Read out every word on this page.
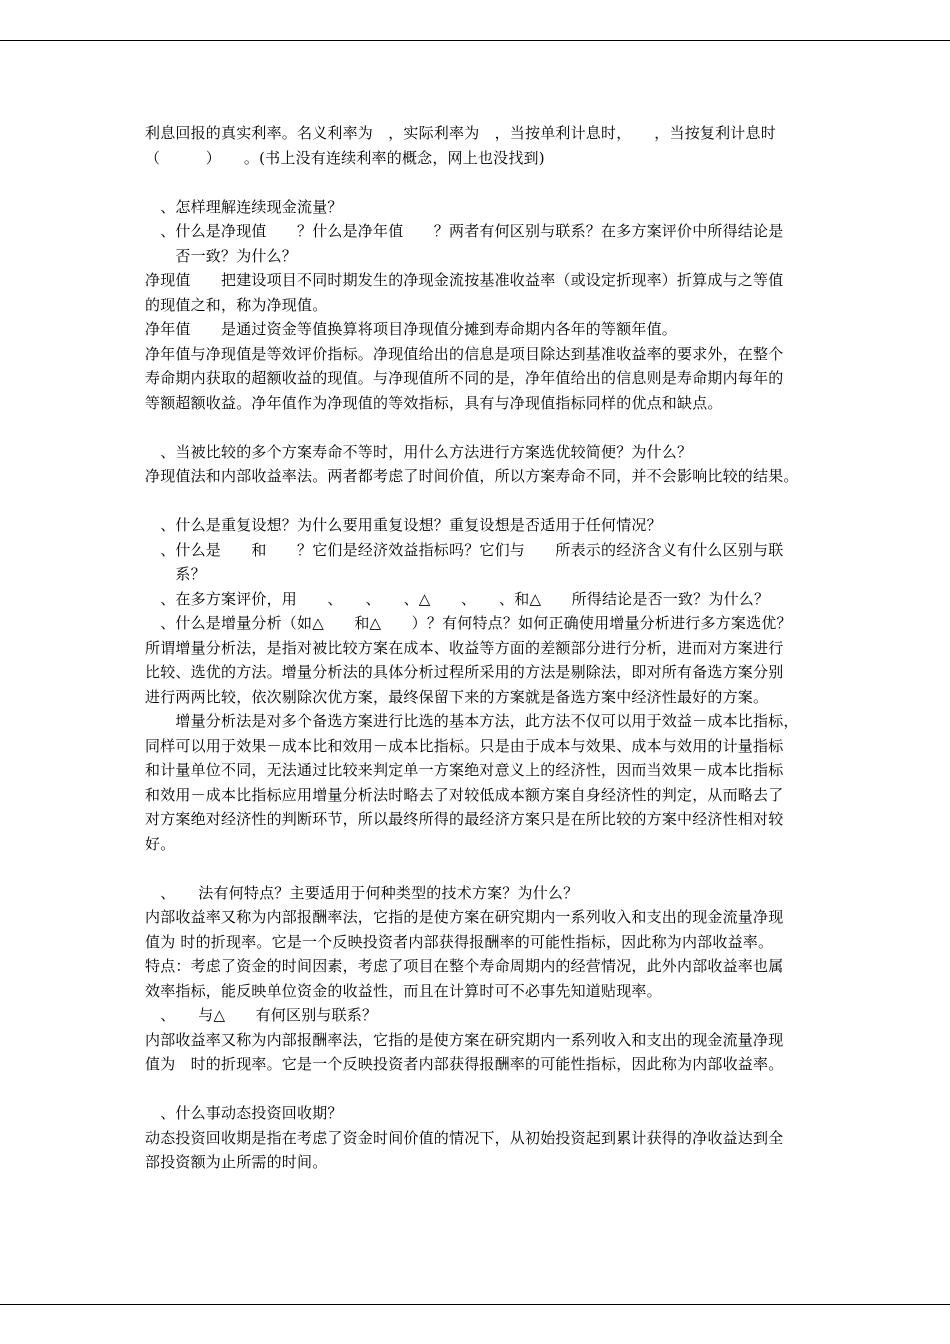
利息回报的真实利率。名义利率为　，实际利率为　，当按单利计息时，　　，当按复利计息时
（　　　）　　。(书上没有连续利率的概念，网上也没找到)
　、怎样理解连续现金流量？
　、什么是净现值　　？什么是净年值　　？两者有何区别与联系？在多方案评价中所得结论是
　　否一致？为什么？
净现值　　把建设项目不同时期发生的净现金流按基准收益率（或设定折现率）折算成与之等值
的现值之和，称为净现值。
净年值　　是通过资金等值换算将项目净现值分摊到寿命期内各年的等额年值。
净年值与净现值是等效评价指标。净现值给出的信息是项目除达到基准收益率的要求外，在整个
寿命期内获取的超额收益的现值。与净现值所不同的是，净年值给出的信息则是寿命期内每年的
等额超额收益。净年值作为净现值的等效指标，具有与净现值指标同样的优点和缺点。
　、当被比较的多个方案寿命不等时，用什么方法进行方案选优较简便？为什么？
净现值法和内部收益率法。两者都考虑了时间价值，所以方案寿命不同，并不会影响比较的结果。
　、什么是重复设想？为什么要用重复设想？重复设想是否适用于任何情况？
　、什么是　　和　　？它们是经济效益指标吗？它们与　　所表示的经济含义有什么区别与联
　　系？
　、在多方案评价，用　　、　　、　　、△　　、　　、和△　　所得结论是否一致？为什么？
　、什么是增量分析（如△　　和△　　）？有何特点？如何正确使用增量分析进行多方案选优？
所谓增量分析法，是指对被比较方案在成本、收益等方面的差额部分进行分析，进而对方案进行
比较、选优的方法。增量分析法的具体分析过程所采用的方法是剔除法，即对所有备选方案分别
进行两两比较，依次剔除次优方案，最终保留下来的方案就是备选方案中经济性最好的方案。
　　增量分析法是对多个备选方案进行比选的基本方法，此方法不仅可以用于效益－成本比指标，
同样可以用于效果－成本比和效用－成本比指标。只是由于成本与效果、成本与效用的计量指标
和计量单位不同，无法通过比较来判定单一方案绝对意义上的经济性，因而当效果－成本比指标
和效用－成本比指标应用增量分析法时略去了对较低成本额方案自身经济性的判定，从而略去了
对方案绝对经济性的判断环节，所以最终所得的最经济方案只是在所比较的方案中经济性相对较
好。
　、　　法有何特点？主要适用于何种类型的技术方案？为什么？
内部收益率又称为内部报酬率法，它指的是使方案在研究期内一系列收入和支出的现金流量净现
值为 时的折现率。它是一个反映投资者内部获得报酬率的可能性指标，因此称为内部收益率。
特点：考虑了资金的时间因素，考虑了项目在整个寿命周期内的经营情况，此外内部收益率也属
效率指标，能反映单位资金的收益性，而且在计算时可不必事先知道贴现率。
　、　　与△　　有何区别与联系？
内部收益率又称为内部报酬率法，它指的是使方案在研究期内一系列收入和支出的现金流量净现
值为　时的折现率。它是一个反映投资者内部获得报酬率的可能性指标，因此称为内部收益率。
　、什么事动态投资回收期？
动态投资回收期是指在考虑了资金时间价值的情况下，从初始投资起到累计获得的净收益达到全
部投资额为止所需的时间。
